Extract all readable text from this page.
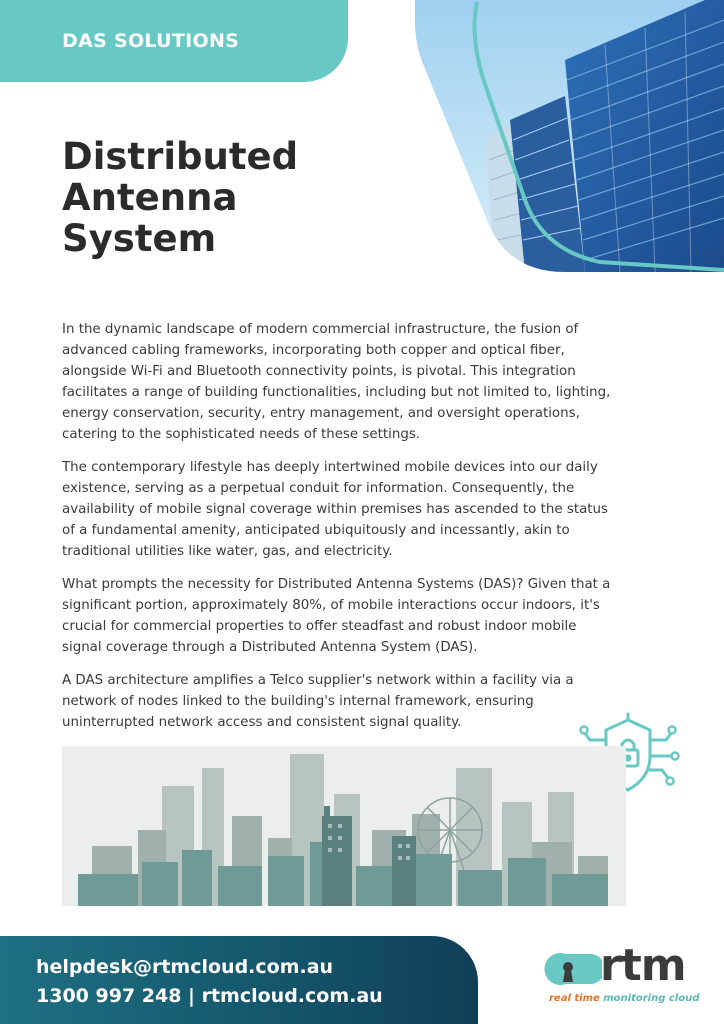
DAS SOLUTIONS
Distributed
Antenna
System

In the dynamic landscape of modern commercial infrastructure, the fusion of advanced cabling frameworks, incorporating both copper and optical fiber, alongside Wi-Fi and Bluetooth connectivity points, is pivotal. This integration facilitates a range of building functionalities, including but not limited to, lighting, energy conservation, security, entry management, and oversight operations, catering to the sophisticated needs of these settings.

The contemporary lifestyle has deeply intertwined mobile devices into our daily existence, serving as a perpetual conduit for information. Consequently, the availability of mobile signal coverage within premises has ascended to the status of a fundamental amenity, anticipated ubiquitously and incessantly, akin to traditional utilities like water, gas, and electricity.

What prompts the necessity for Distributed Antenna Systems (DAS)? Given that a significant portion, approximately 80%, of mobile interactions occur indoors, it's crucial for commercial properties to offer steadfast and robust indoor mobile signal coverage through a Distributed Antenna System (DAS).

A DAS architecture amplifies a Telco supplier's network within a facility via a network of nodes linked to the building's internal framework, ensuring uninterrupted network access and consistent signal quality.

helpdesk@rtmcloud.com.au
1300 997 248 | rtmcloud.com.au
rtm
real time monitoring cloud
